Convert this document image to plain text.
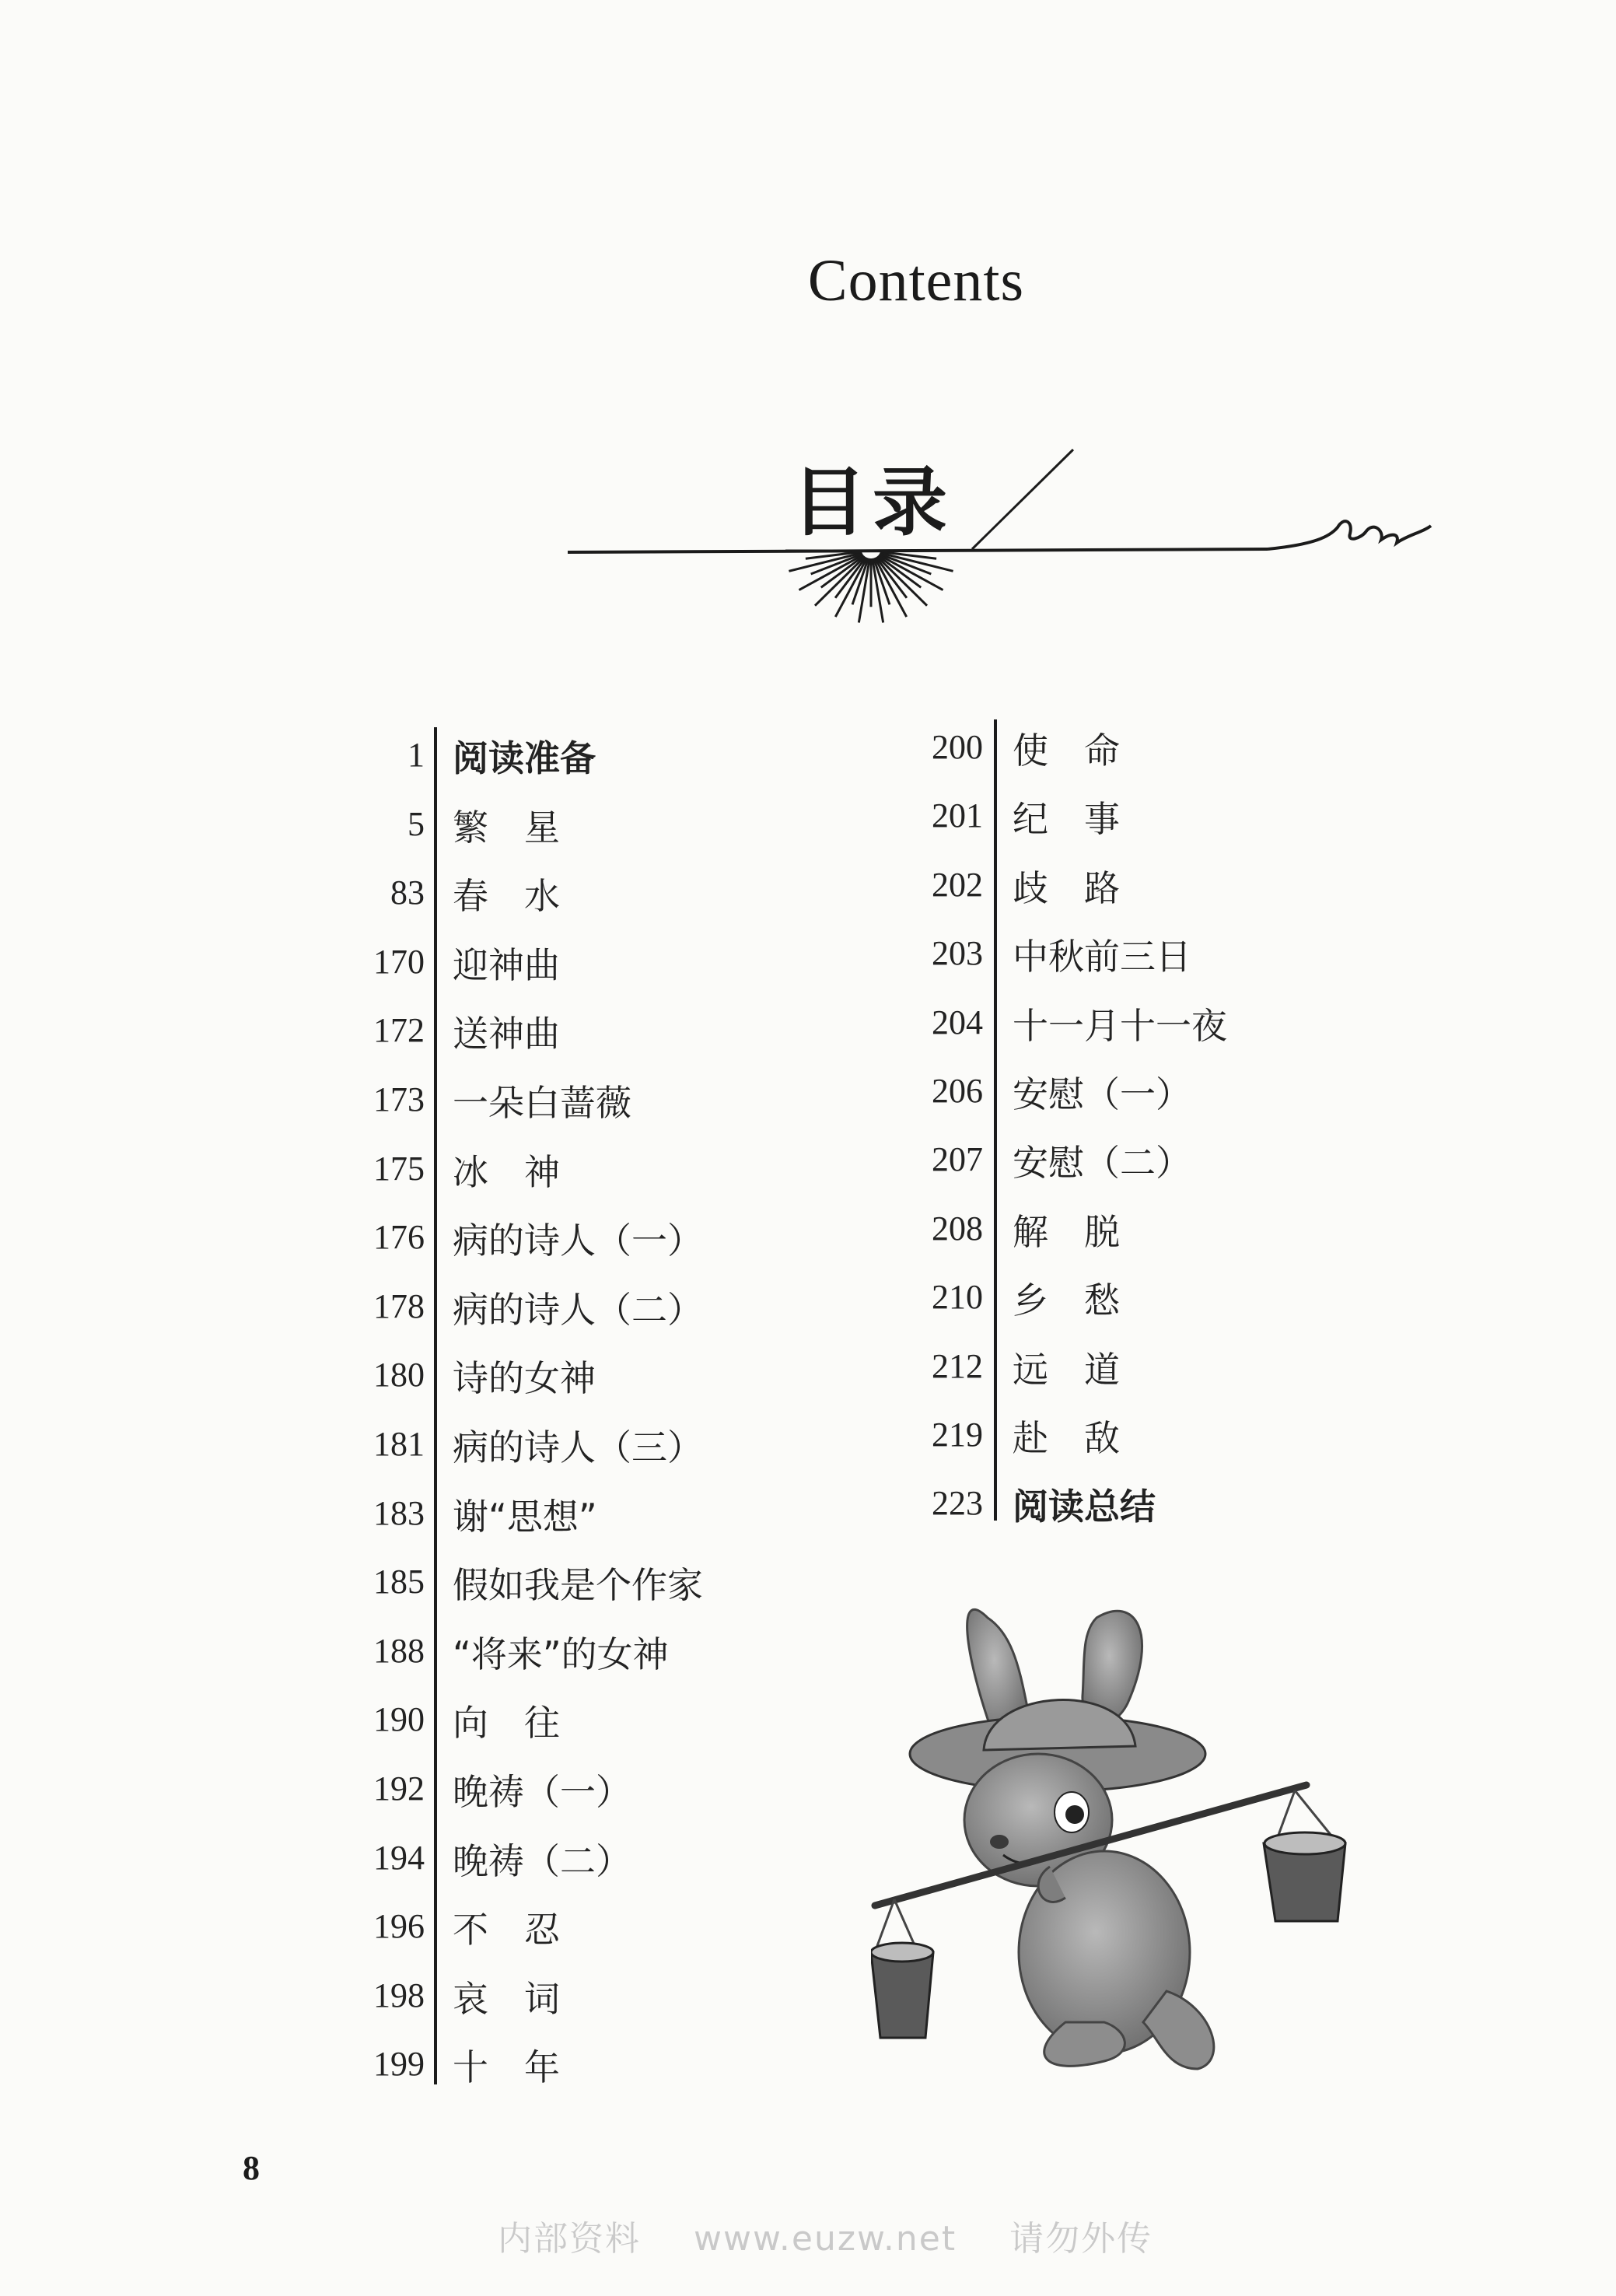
Contents
目录
1 阅读准备
5 繁　星
83 春　水
170 迎神曲
172 送神曲
173 一朵白蔷薇
175 冰　神
176 病的诗人（一）
178 病的诗人（二）
180 诗的女神
181 病的诗人（三）
183 谢“思想”
185 假如我是个作家
188 “将来”的女神
190 向　往
192 晚祷（一）
194 晚祷（二）
196 不　忍
198 哀　词
199 十　年
200 使　命
201 纪　事
202 歧　路
203 中秋前三日
204 十一月十一夜
206 安慰（一）
207 安慰（二）
208 解　脱
210 乡　愁
212 远　道
219 赴　敌
223 阅读总结
8
内部资料 www.euzw.net 请勿外传
